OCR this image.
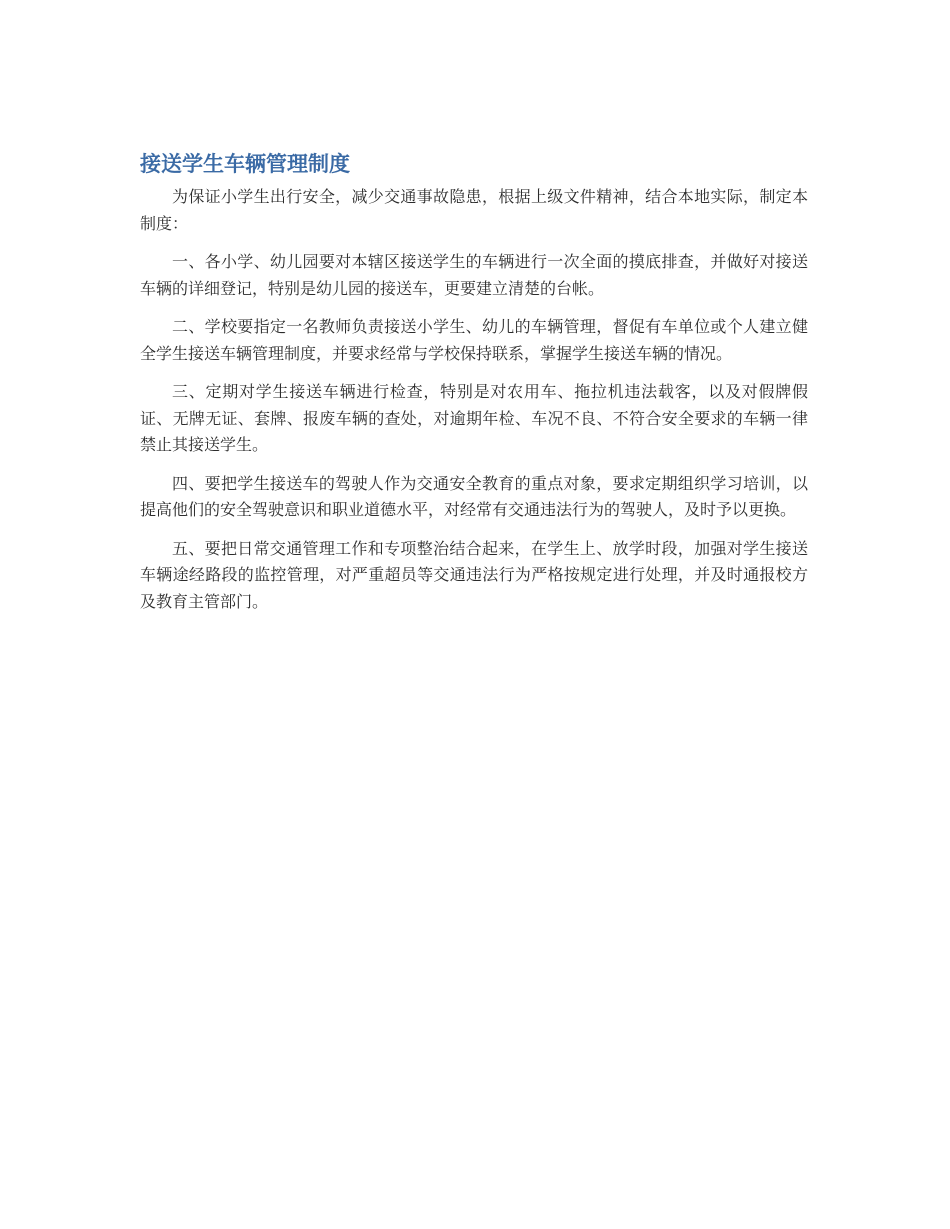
接送学生车辆管理制度

为保证小学生出行安全，减少交通事故隐患，根据上级文件精神，结合本地实际，制定本制度：

一、各小学、幼儿园要对本辖区接送学生的车辆进行一次全面的摸底排查，并做好对接送车辆的详细登记，特别是幼儿园的接送车，更要建立清楚的台帐。

二、学校要指定一名教师负责接送小学生、幼儿的车辆管理，督促有车单位或个人建立健全学生接送车辆管理制度，并要求经常与学校保持联系，掌握学生接送车辆的情况。

三、定期对学生接送车辆进行检查，特别是对农用车、拖拉机违法载客，以及对假牌假证、无牌无证、套牌、报废车辆的查处，对逾期年检、车况不良、不符合安全要求的车辆一律禁止其接送学生。

四、要把学生接送车的驾驶人作为交通安全教育的重点对象，要求定期组织学习培训，以提高他们的安全驾驶意识和职业道德水平，对经常有交通违法行为的驾驶人，及时予以更换。

五、要把日常交通管理工作和专项整治结合起来，在学生上、放学时段，加强对学生接送车辆途经路段的监控管理，对严重超员等交通违法行为严格按规定进行处理，并及时通报校方及教育主管部门。
